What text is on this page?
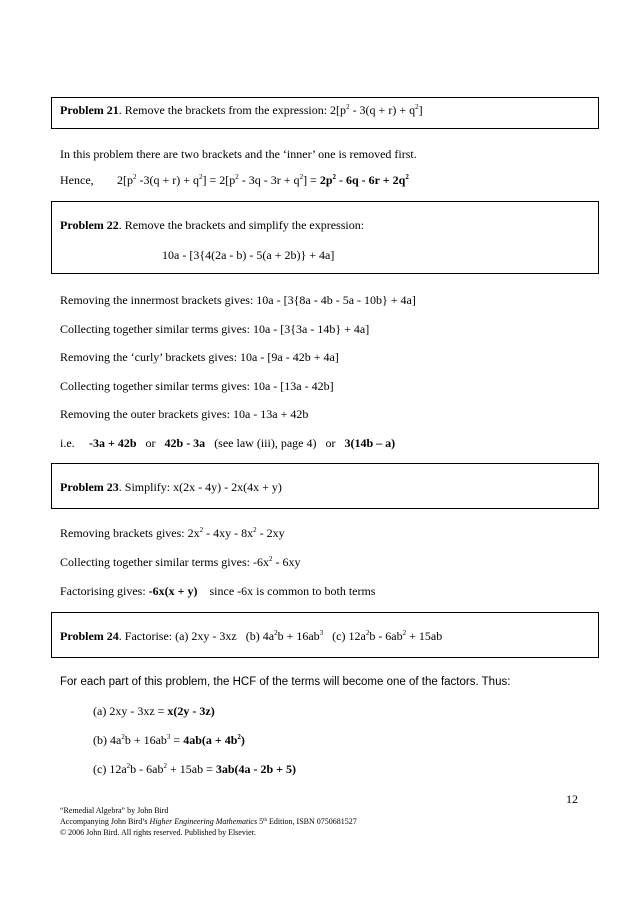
Problem 21. Remove the brackets from the expression: $2[p^2 - 3(q + r) + q^2]$
In this problem there are two brackets and the ‘inner’ one is removed first.
Hence, $2[p^2$ $-3(q + r) + q^2] = 2[p^2 - 3q - 3r + q^2] = 2p^2 - 6q - 6r + 2q^2$
Problem 22. Remove the brackets and simplify the expression:
10a - [3{4(2a - b) - 5(a + 2b)} + 4a]
Removing the innermost brackets gives: 10a - [3{8a - 4b - 5a - 10b} + 4a]
Collecting together similar terms gives: 10a - [3{3a - 14b} + 4a]
Removing the ‘curly’ brackets gives: 10a - [9a - 42b + 4a]
Collecting together similar terms gives: 10a - [13a - 42b]
Removing the outer brackets gives: 10a - 13a + 42b
i.e. -3a + 42b   or   42b - 3a   (see law (iii), page 4)   or   3(14b – a)
Problem 23. Simplify: x(2x - 4y) - 2x(4x + y)
Removing brackets gives: $2x^2 - 4xy - 8x^2 - 2xy$
Collecting together similar terms gives: $-6x^2 - 6xy$
Factorising gives: -6x(x + y)    since -6x is common to both terms
Problem 24. Factorise: (a) 2xy - 3xz   (b) $4a^2b + 16ab^3$   (c) $12a^2b - 6ab^2 + 15ab$
For each part of this problem, the HCF of the terms will become one of the factors. Thus:
(a) 2xy - 3xz = x(2y - 3z)
(b) $4a^2b + 16ab^3 = 4ab(a + 4b^2)$
(c) $12a^2b - 6ab^2 + 15ab = 3ab(4a - 2b + 5)$
12
“Remedial Algebra” by John Bird
Accompanying John Bird’s Higher Engineering Mathematics 5th Edition, ISBN 0750681527
© 2006 John Bird. All rights reserved. Published by Elsevier.
